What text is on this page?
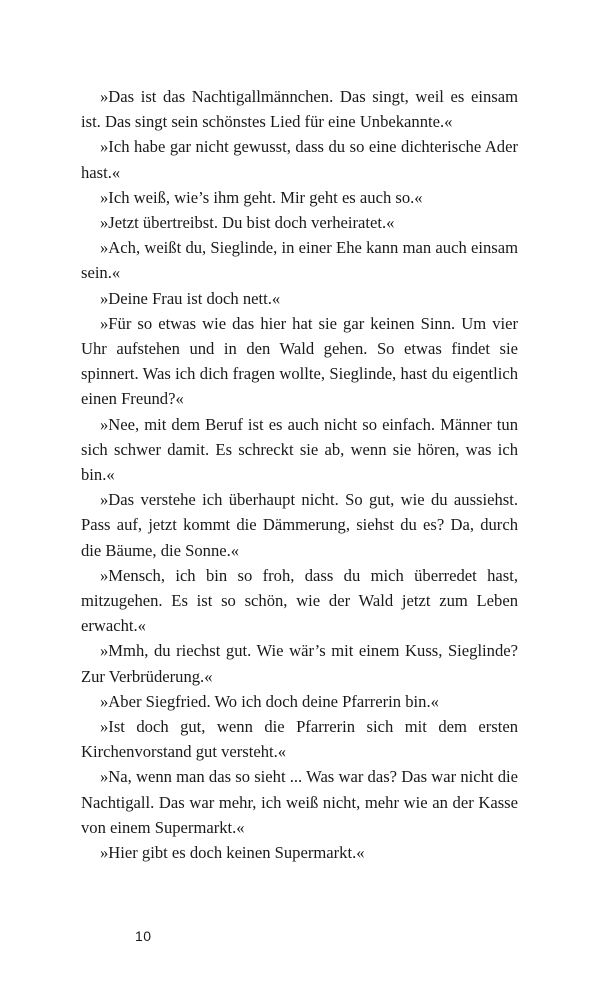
»Das ist das Nachtigallmännchen. Das singt, weil es einsam ist. Das singt sein schönstes Lied für eine Unbekannte.«

»Ich habe gar nicht gewusst, dass du so eine dichterische Ader hast.«

»Ich weiß, wie’s ihm geht. Mir geht es auch so.«

»Jetzt übertreibst. Du bist doch verheiratet.«

»Ach, weißt du, Sieglinde, in einer Ehe kann man auch einsam sein.«

»Deine Frau ist doch nett.«

»Für so etwas wie das hier hat sie gar keinen Sinn. Um vier Uhr aufstehen und in den Wald gehen. So etwas findet sie spinnert. Was ich dich fragen wollte, Sieglinde, hast du eigentlich einen Freund?«

»Nee, mit dem Beruf ist es auch nicht so einfach. Männer tun sich schwer damit. Es schreckt sie ab, wenn sie hören, was ich bin.«

»Das verstehe ich überhaupt nicht. So gut, wie du aussiehst. Pass auf, jetzt kommt die Dämmerung, siehst du es? Da, durch die Bäume, die Sonne.«

»Mensch, ich bin so froh, dass du mich überredet hast, mitzugehen. Es ist so schön, wie der Wald jetzt zum Leben erwacht.«

»Mmh, du riechst gut. Wie wär’s mit einem Kuss, Sieglinde? Zur Verbrüderung.«

»Aber Siegfried. Wo ich doch deine Pfarrerin bin.«

»Ist doch gut, wenn die Pfarrerin sich mit dem ersten Kirchenvorstand gut versteht.«

»Na, wenn man das so sieht ... Was war das? Das war nicht die Nachtigall. Das war mehr, ich weiß nicht, mehr wie an der Kasse von einem Supermarkt.«

»Hier gibt es doch keinen Supermarkt.«

10
